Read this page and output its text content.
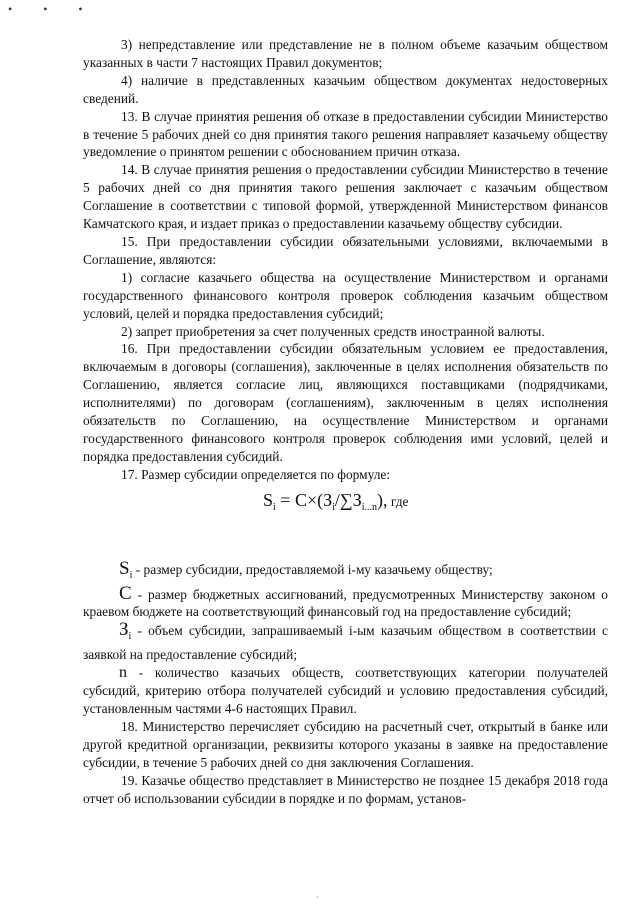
• • •

3) непредставление или представление не в полном объеме казачьим обществом указанных в части 7 настоящих Правил документов;

4) наличие в представленных казачьим обществом документах недостоверных сведений.

13. В случае принятия решения об отказе в предоставлении субсидии Министерство в течение 5 рабочих дней со дня принятия такого решения направляет казачьему обществу уведомление о принятом решении с обоснованием причин отказа.

14. В случае принятия решения о предоставлении субсидии Министерство в течение 5 рабочих дней со дня принятия такого решения заключает с казачьим обществом Соглашение в соответствии с типовой формой, утвержденной Министерством финансов Камчатского края, и издает приказ о предоставлении казачьему обществу субсидии.

15. При предоставлении субсидии обязательными условиями, включаемыми в Соглашение, являются:

1) согласие казачьего общества на осуществление Министерством и органами государственного финансового контроля проверок соблюдения казачьим обществом условий, целей и порядка предоставления субсидий;

2) запрет приобретения за счет полученных средств иностранной валюты.

16. При предоставлении субсидии обязательным условием ее предоставления, включаемым в договоры (соглашения), заключенные в целях исполнения обязательств по Соглашению, является согласие лиц, являющихся поставщиками (подрядчиками, исполнителями) по договорам (соглашениям), заключенным в целях исполнения обязательств по Соглашению, на осуществление Министерством и органами государственного финансового контроля проверок соблюдения ими условий, целей и порядка предоставления субсидий.

17. Размер субсидии определяется по формуле:

$S_i = C\times(З_i/\sum З_{i...n})$, где

$S_i$ - размер субсидии, предоставляемой i-му казачьему обществу;

С - размер бюджетных ассигнований, предусмотренных Министерству законом о краевом бюджете на соответствующий финансовый год на предоставление субсидий;

$З_i$ - объем субсидии, запрашиваемый i-ым казачьим обществом в соответствии с заявкой на предоставление субсидий;

n - количество казачьих обществ, соответствующих категории получателей субсидий, критерию отбора получателей субсидий и условию предоставления субсидий, установленным частями 4-6 настоящих Правил.

18. Министерство перечисляет субсидию на расчетный счет, открытый в банке или другой кредитной организации, реквизиты которого указаны в заявке на предоставление субсидии, в течение 5 рабочих дней со дня заключения Соглашения.

19. Казачье общество представляет в Министерство не позднее 15 декабря 2018 года отчет об использовании субсидии в порядке и по формам, установ-

·
